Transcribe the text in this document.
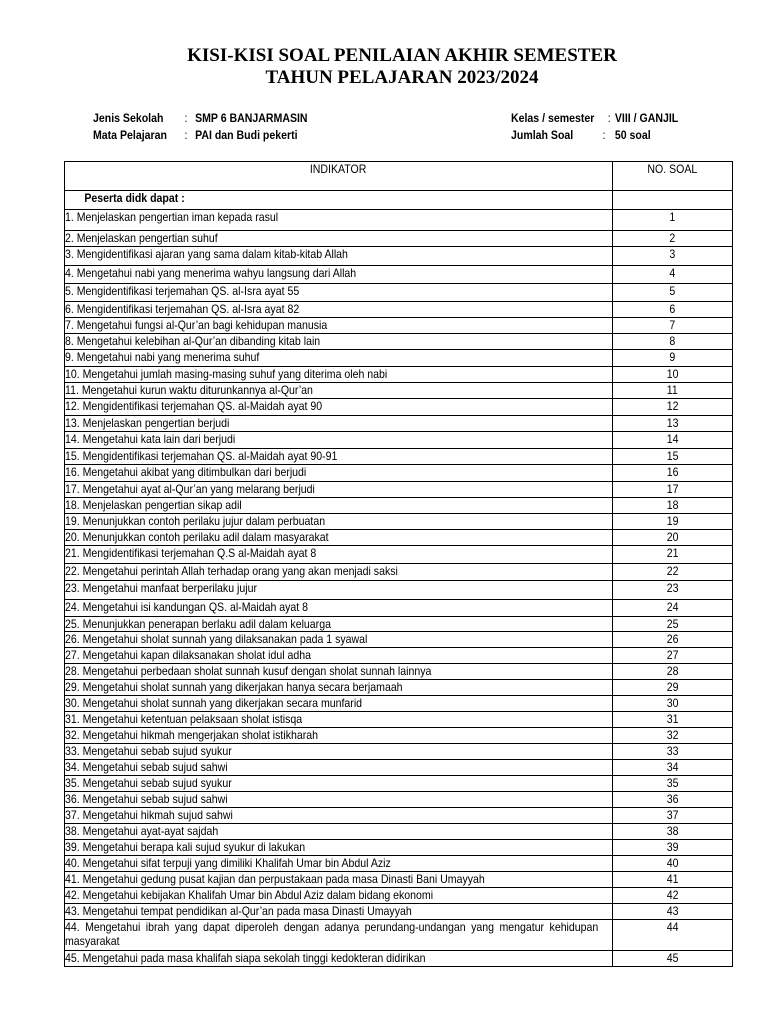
KISI-KISI SOAL PENILAIAN AKHIR SEMESTER
TAHUN PELAJARAN 2023/2024
Jenis Sekolah : SMP 6 BANJARMASIN
Mata Pelajaran : PAI dan Budi pekerti
Kelas / semester : VIII / GANJIL
Jumlah Soal : 50 soal
INDIKATOR	NO. SOAL
Peserta didk dapat :	
1. Menjelaskan pengertian iman kepada rasul	1
2. Menjelaskan pengertian suhuf	2
3. Mengidentifikasi ajaran yang sama dalam kitab-kitab Allah	3
4. Mengetahui nabi yang menerima wahyu langsung dari Allah	4
5. Mengidentifikasi terjemahan QS. al-Isra ayat 55	5
6. Mengidentifikasi terjemahan QS. al-Isra ayat 82	6
7. Mengetahui fungsi al-Qur’an bagi kehidupan manusia	7
8. Mengetahui kelebihan al-Qur’an dibanding kitab lain	8
9. Mengetahui nabi yang menerima suhuf	9
10. Mengetahui jumlah masing-masing suhuf yang diterima oleh nabi	10
11. Mengetahui kurun waktu diturunkannya al-Qur’an	11
12. Mengidentifikasi terjemahan QS. al-Maidah ayat 90	12
13. Menjelaskan pengertian berjudi	13
14. Mengetahui kata lain dari berjudi	14
15. Mengidentifikasi terjemahan QS. al-Maidah ayat 90-91	15
16. Mengetahui akibat yang ditimbulkan dari berjudi	16
17. Mengetahui ayat al-Qur’an yang melarang berjudi	17
18. Menjelaskan pengertian sikap adil	18
19. Menunjukkan contoh perilaku jujur dalam perbuatan	19
20. Menunjukkan contoh perilaku adil dalam masyarakat	20
21. Mengidentifikasi terjemahan Q.S al-Maidah ayat 8	21
22. Mengetahui perintah Allah terhadap orang yang akan menjadi saksi	22
23. Mengetahui manfaat berperilaku jujur	23
24. Mengetahui isi kandungan QS. al-Maidah ayat 8	24
25. Menunjukkan penerapan berlaku adil dalam keluarga	25
26. Mengetahui sholat sunnah yang dilaksanakan pada 1 syawal	26
27. Mengetahui kapan dilaksanakan sholat idul adha	27
28. Mengetahui perbedaan sholat sunnah kusuf dengan sholat sunnah lainnya	28
29. Mengetahui sholat sunnah yang dikerjakan hanya secara berjamaah	29
30. Mengetahui sholat sunnah yang dikerjakan secara munfarid	30
31. Mengetahui ketentuan pelaksaan sholat istisqa	31
32. Mengetahui hikmah mengerjakan sholat istikharah	32
33. Mengetahui sebab sujud syukur	33
34. Mengetahui sebab sujud sahwi	34
35. Mengetahui sebab sujud syukur	35
36. Mengetahui sebab sujud sahwi	36
37. Mengetahui hikmah sujud sahwi	37
38. Mengetahui ayat-ayat sajdah	38
39. Mengetahui berapa kali sujud syukur di lakukan	39
40. Mengetahui sifat terpuji yang dimiliki Khalifah Umar bin Abdul Aziz	40
41. Mengetahui gedung pusat kajian dan perpustakaan pada masa Dinasti Bani Umayyah	41
42. Mengetahui kebijakan Khalifah Umar bin Abdul Aziz dalam bidang ekonomi	42
43. Mengetahui tempat pendidikan al-Qur’an pada masa Dinasti Umayyah	43

44. Mengetahui ibrah yang dapat diperoleh dengan adanya perundang-undangan yang mengatur kehidupan masyarakat	44
45. Mengetahui pada masa khalifah siapa sekolah tinggi kedokteran didirikan	45
